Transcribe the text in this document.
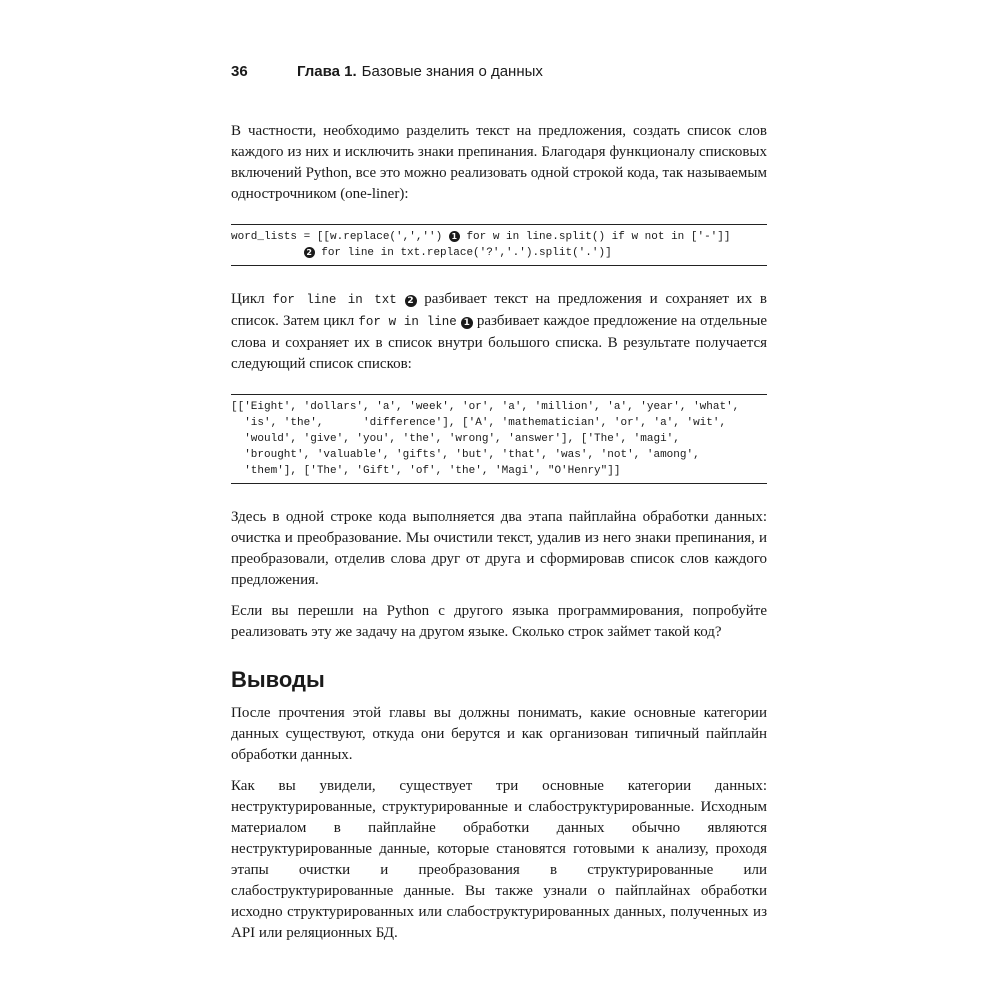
36	Глава 1. Базовые знания о данных

В частности, необходимо разделить текст на предложения, создать список слов каждого из них и исключить знаки препинания. Благодаря функционалу списковых включений Python, все это можно реализовать одной строкой кода, так называемым однострочником (one-liner):

word_lists = [[w.replace(',','') 1 for w in line.split() if w not in ['-']]
2 for line in txt.replace('?','.').split('.')]

Цикл for line in txt 2 разбивает текст на предложения и сохраняет их в список. Затем цикл for w in line 1 разбивает каждое предложение на отдельные слова и сохраняет их в список внутри большого списка. В результате получается следующий список списков:

[['Eight', 'dollars', 'a', 'week', 'or', 'a', 'million', 'a', 'year', 'what',
'is', 'the',      'difference'], ['A', 'mathematician', 'or', 'a', 'wit',
'would', 'give', 'you', 'the', 'wrong', 'answer'], ['The', 'magi',
'brought', 'valuable', 'gifts', 'but', 'that', 'was', 'not', 'among',
'them'], ['The', 'Gift', 'of', 'the', 'Magi', "O'Henry"]]

Здесь в одной строке кода выполняется два этапа пайплайна обработки данных: очистка и преобразование. Мы очистили текст, удалив из него знаки препинания, и преобразовали, отделив слова друг от друга и сформировав список слов каждого предложения.

Если вы перешли на Python с другого языка программирования, попробуйте реализовать эту же задачу на другом языке. Сколько строк займет такой код?

Выводы

После прочтения этой главы вы должны понимать, какие основные категории данных существуют, откуда они берутся и как организован типичный пайплайн обработки данных.

Как вы увидели, существует три основные категории данных: неструктурированные, структурированные и слабоструктурированные. Исходным материалом в пайплайне обработки данных обычно являются неструктурированные данные, которые становятся готовыми к анализу, проходя этапы очистки и преобразования в структурированные или слабоструктурированные данные. Вы также узнали о пайплайнах обработки исходно структурированных или слабоструктурированных данных, полученных из API или реляционных БД.
